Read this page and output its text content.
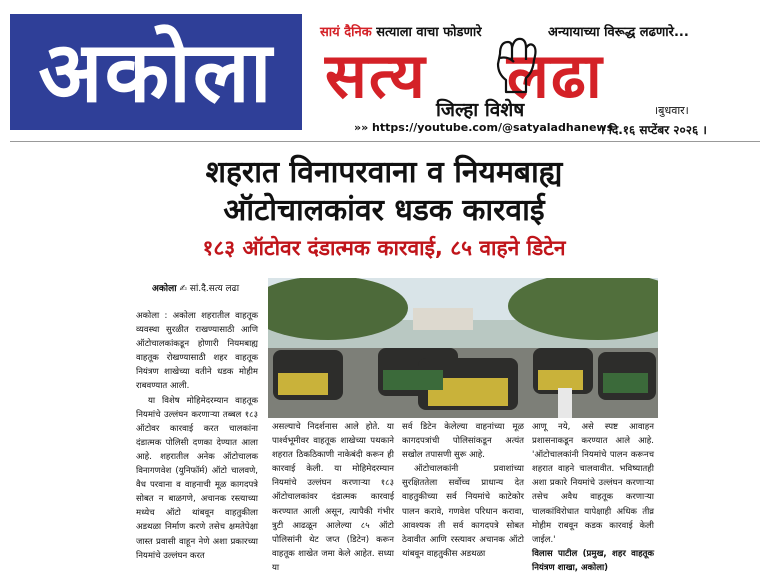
अकोला	सायं दैनिक सत्याला वाचा फोडणारे	अन्यायाच्या विरूद्ध लढणारे...
सत्य लढा
जिल्हा विशेष	।बुधवार।
»» https://youtube.com/@satyaladhanews
। दि.१६ सप्टेंबर २०२६ ।
शहरात विनापरवाना व नियमबाह्य
ऑटोचालकांवर धडक कारवाई
१८३ ऑटोवर दंडात्मक कारवाई, ८५ वाहने डिटेन
अकोला ✍ सां.दै.सत्य लढा
अकोला : अकोला शहरातील वाहतूक व्यवस्था सुरळीत राखण्यासाठी आणि ऑटोचालकांकडून होणारी नियमबाह्य वाहतूक रोखण्यासाठी शहर वाहतूक नियंत्रण शाखेच्या वतीने धडक मोहीम राबवण्यात आली.
या विशेष मोहिमेदरम्यान वाहतूक नियमांचे उल्लंघन करणाऱ्या तब्बल १८३ ऑटोवर कारवाई करत चालकांना दंडात्मक पोलिसी दणका देण्यात आला आहे. शहरातील अनेक ऑटोचालक विनागणवेश (युनिफॉर्म) ऑटो चालवणे, वैध परवाना व वाहनाची मूळ कागदपत्रे सोबत न बाळगणे, अचानक रस्त्याच्या मध्येच ऑटो थांबवून वाहतुकीला अडथळा निर्माण करणे तसेच क्षमतेपेक्षा जास्त प्रवासी वाहून नेणे अशा प्रकारच्या नियमांचे उल्लंघन करत
असल्याचे निदर्शनास आले होते. या पार्श्वभूमीवर वाहतूक शाखेच्या पथकाने शहरात ठिकठिकाणी नाकेबंदी करून ही कारवाई केली. या मोहिमेदरम्यान नियमांचे उल्लंघन करणाऱ्या १८३ ऑटोचालकांवर दंडात्मक कारवाई करण्यात आली असून, त्यापैकी गंभीर त्रुटी आढळून आलेल्या ८५ ऑटो पोलिसांनी थेट जप्त (डिटेन) करून वाहतूक शाखेत जमा केले आहेत. सध्या या
सर्व डिटेन केलेल्या वाहनांच्या मूळ कागदपत्रांची पोलिसांकडून अत्यंत सखोल तपासणी सुरू आहे.
ऑटोचालकांनी प्रवाशांच्या सुरक्षिततेला सर्वोच्च प्राधान्य देत वाहतुकीच्या सर्व नियमांचे काटेकोर पालन करावे, गणवेश परिधान करावा, आवश्यक ती सर्व कागदपत्रे सोबत ठेवावीत आणि रस्त्यावर अचानक ऑटो थांबवून वाहतुकीस अडथळा
आणू नये, असे स्पष्ट आवाहन प्रशासनाकडून करण्यात आले आहे. 'ऑटोचालकांनी नियमांचे पालन करूनच शहरात वाहने चालवावीत. भविष्यातही अशा प्रकारे नियमांचे उल्लंघन करणाऱ्या तसेच अवैध वाहतूक करणाऱ्या चालकांविरोधात यापेक्षाही अधिक तीव्र मोहीम राबवून कडक कारवाई केली जाईल.'
विलास पाटील (प्रमुख, शहर वाहतूक नियंत्रण शाखा, अकोला)
